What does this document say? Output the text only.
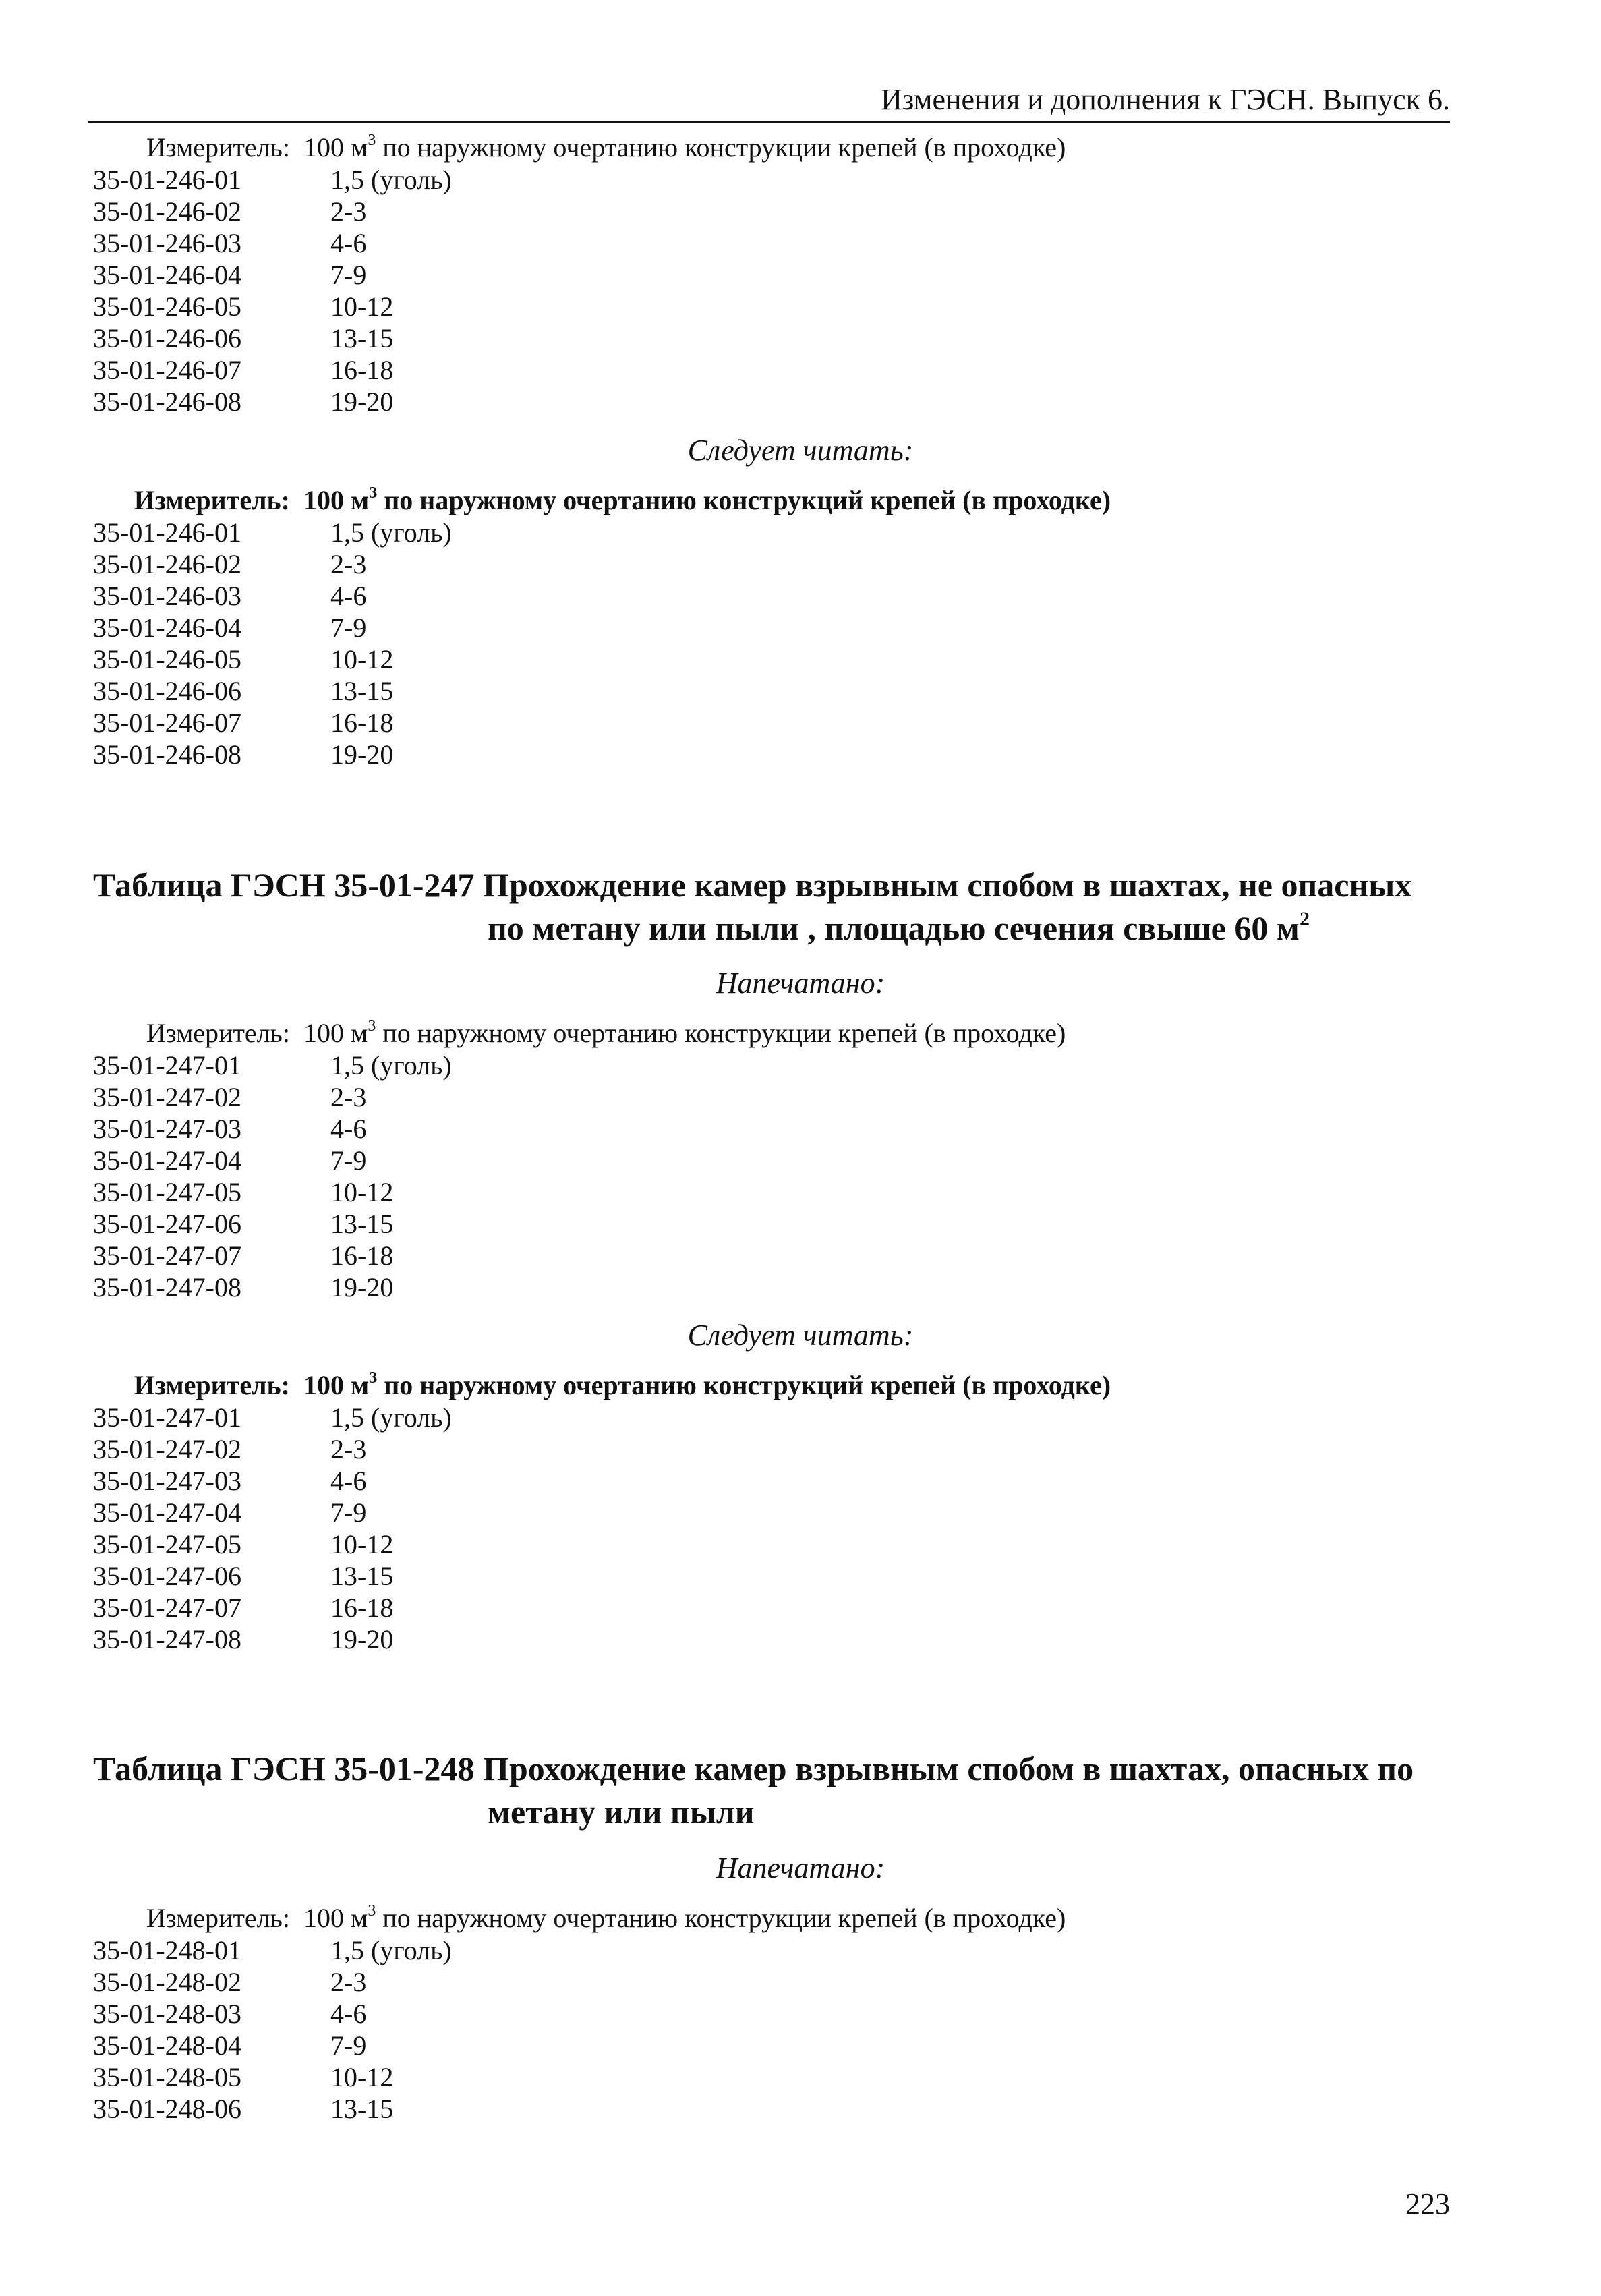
Изменения и дополнения к ГЭСН. Выпуск 6.
Измеритель: 100 $м^3$ по наружному очертанию конструкции крепей (в проходке)
35-01-246-01	1,5 (уголь)
35-01-246-02	2-3
35-01-246-03	4-6
35-01-246-04	7-9
35-01-246-05	10-12
35-01-246-06	13-15
35-01-246-07	16-18
35-01-246-08	19-20
Следует читать:
Измеритель: 100 $м^3$ по наружному очертанию конструкций крепей (в проходке)
35-01-246-01	1,5 (уголь)
35-01-246-02	2-3
35-01-246-03	4-6
35-01-246-04	7-9
35-01-246-05	10-12
35-01-246-06	13-15
35-01-246-07	16-18
35-01-246-08	19-20
Таблица ГЭСН 35-01-247 Прохождение камер взрывным спобом в шахтах, не опасных
по метану или пыли , площадью сечения свыше 60 $м^2$
Напечатано:
Измеритель: 100 $м^3$ по наружному очертанию конструкции крепей (в проходке)
35-01-247-01	1,5 (уголь)
35-01-247-02	2-3
35-01-247-03	4-6
35-01-247-04	7-9
35-01-247-05	10-12
35-01-247-06	13-15
35-01-247-07	16-18
35-01-247-08	19-20
Следует читать:
Измеритель: 100 $м^3$ по наружному очертанию конструкций крепей (в проходке)
35-01-247-01	1,5 (уголь)
35-01-247-02	2-3
35-01-247-03	4-6
35-01-247-04	7-9
35-01-247-05	10-12
35-01-247-06	13-15
35-01-247-07	16-18
35-01-247-08	19-20
Таблица ГЭСН 35-01-248 Прохождение камер взрывным спобом в шахтах, опасных по
метану или пыли
Напечатано:
Измеритель: 100 $м^3$ по наружному очертанию конструкции крепей (в проходке)
35-01-248-01	1,5 (уголь)
35-01-248-02	2-3
35-01-248-03	4-6
35-01-248-04	7-9
35-01-248-05	10-12
35-01-248-06	13-15
223
